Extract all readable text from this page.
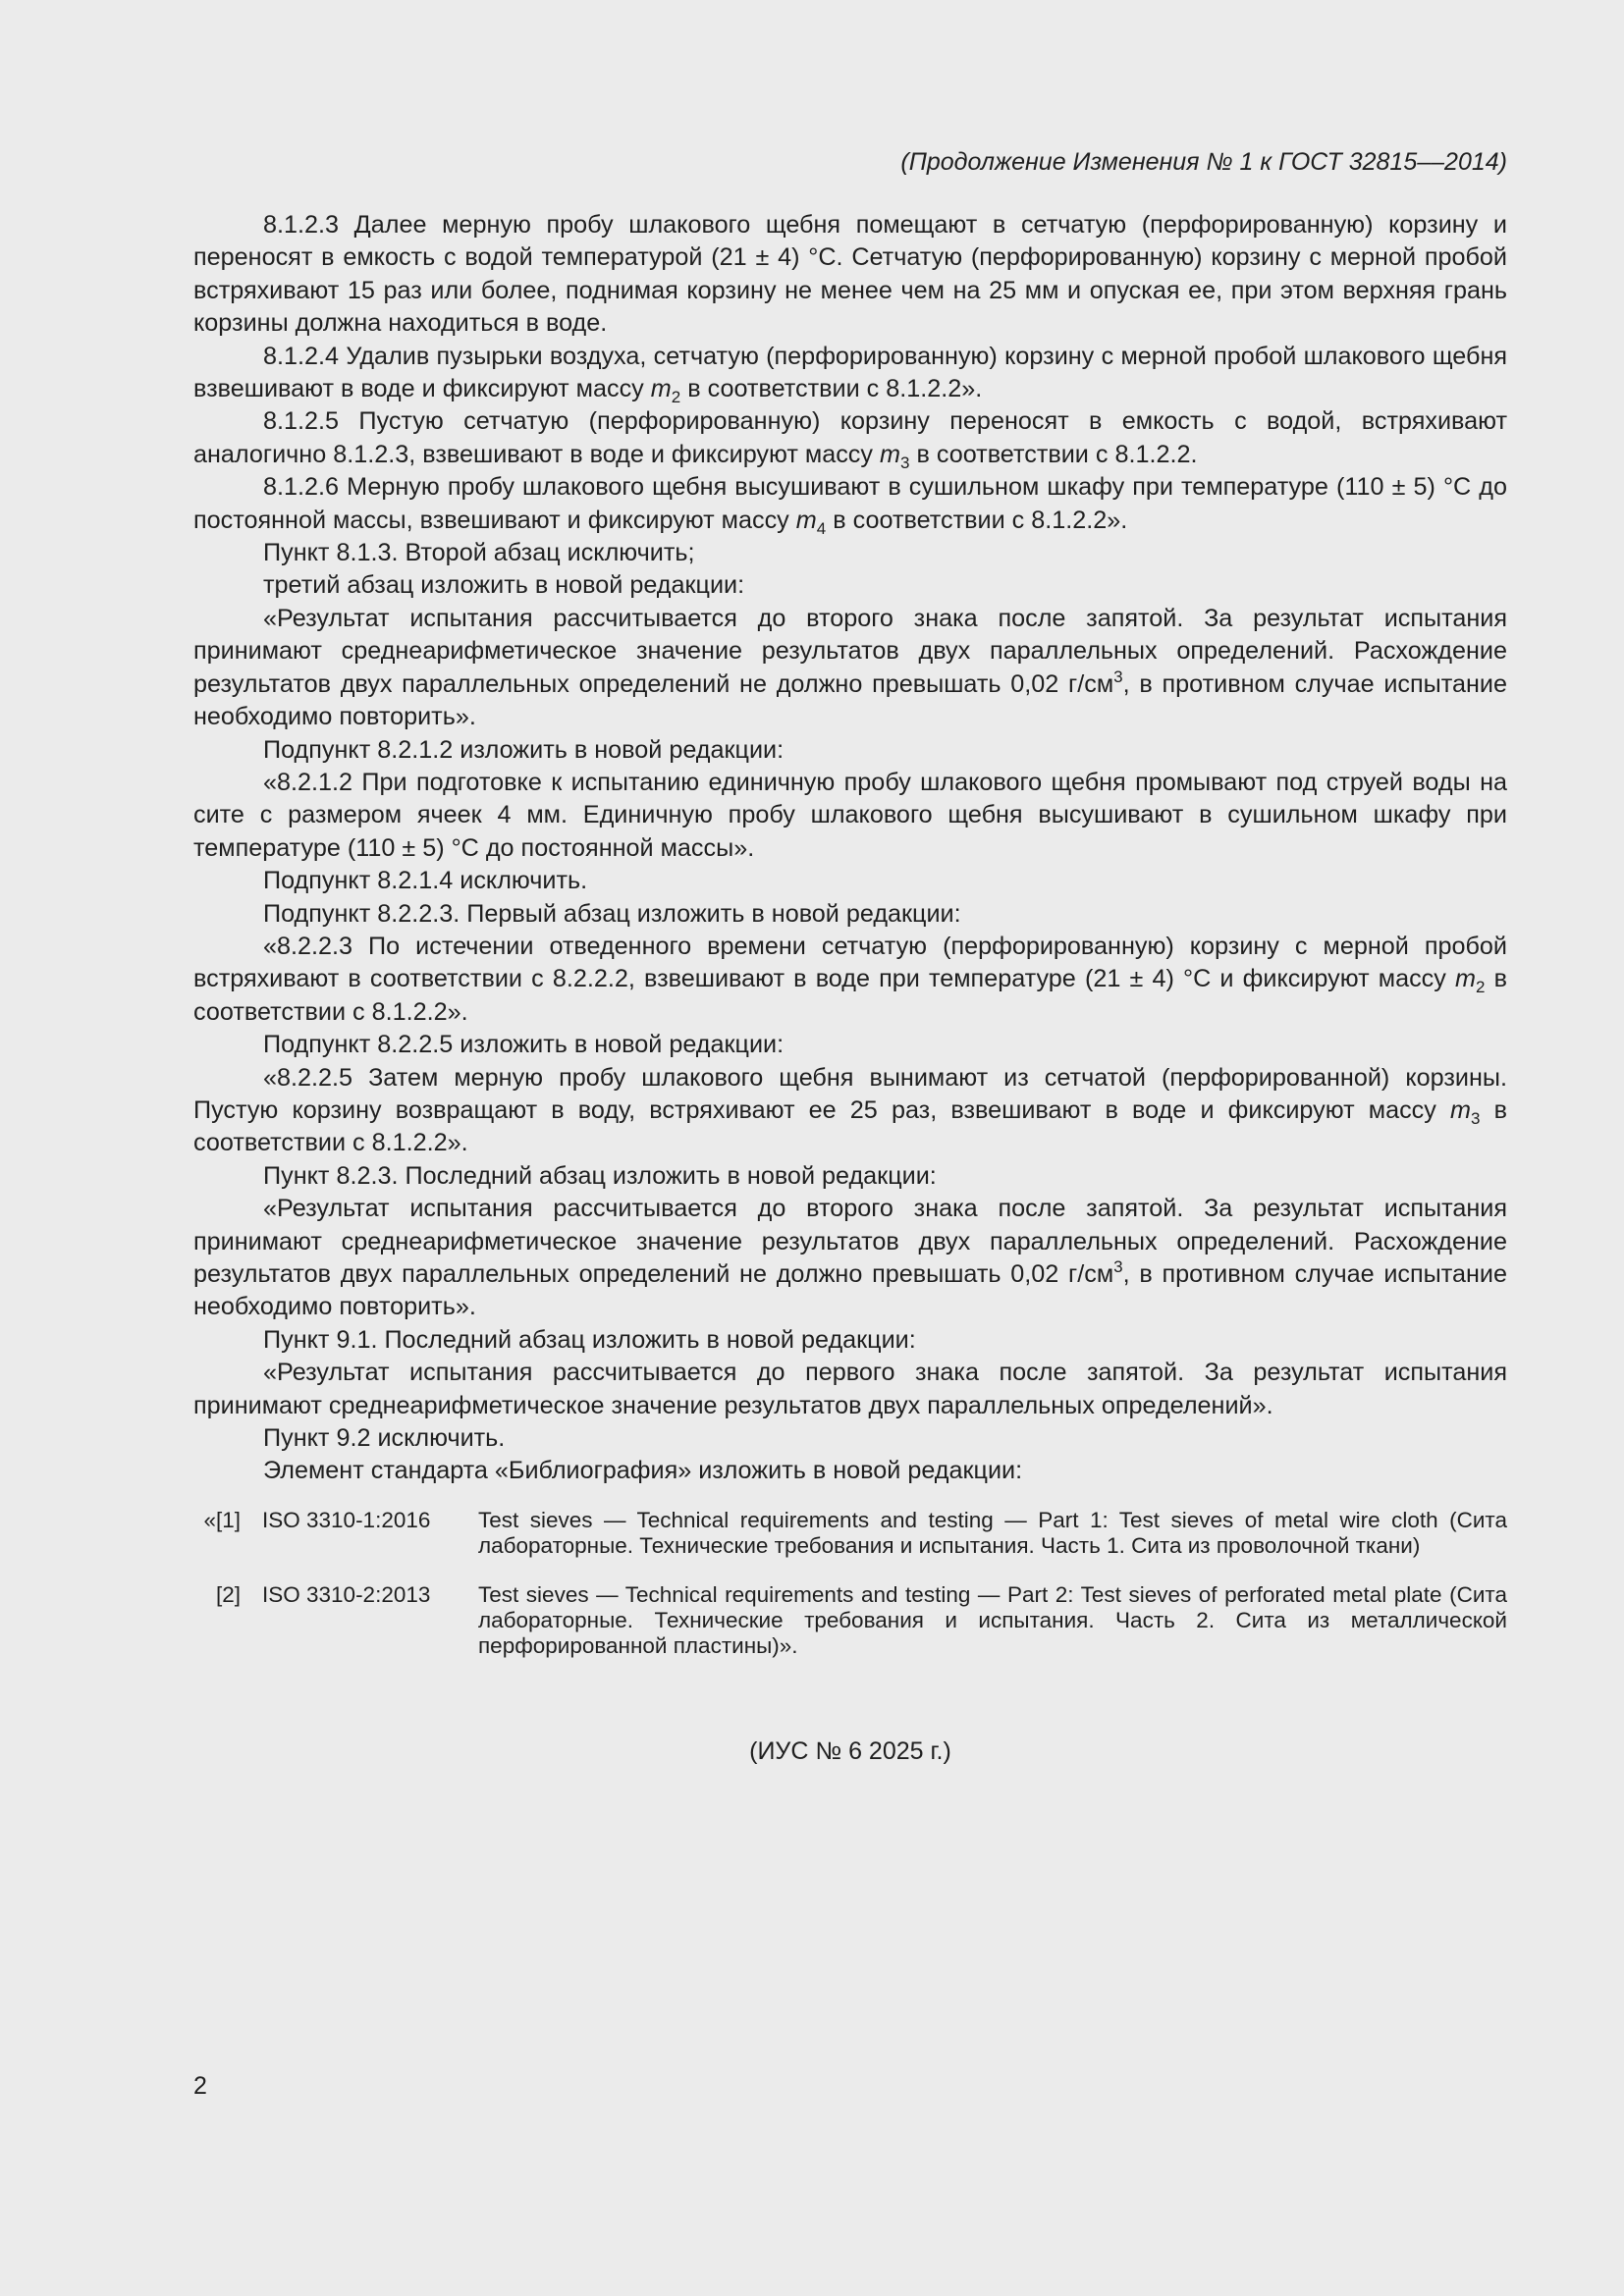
(Продолжение Изменения № 1 к ГОСТ 32815––2014)

8.1.2.3 Далее мерную пробу шлакового щебня помещают в сетчатую (перфорированную) корзину и переносят в емкость с водой температурой (21 ± 4) °С. Сетчатую (перфорированную) корзину с мерной пробой встряхивают 15 раз или более, поднимая корзину не менее чем на 25 мм и опуская ее, при этом верхняя грань корзины должна находиться в воде.

8.1.2.4 Удалив пузырьки воздуха, сетчатую (перфорированную) корзину с мерной пробой шлакового щебня взвешивают в воде и фиксируют массу $m_2$ в соответствии с 8.1.2.2».

8.1.2.5 Пустую сетчатую (перфорированную) корзину переносят в емкость с водой, встряхивают аналогично 8.1.2.3, взвешивают в воде и фиксируют массу $m_3$ в соответствии с 8.1.2.2.

8.1.2.6 Мерную пробу шлакового щебня высушивают в сушильном шкафу при температуре (110 ± 5) °С до постоянной массы, взвешивают и фиксируют массу $m_4$ в соответствии с 8.1.2.2».

Пункт 8.1.3. Второй абзац исключить;

третий абзац изложить в новой редакции:

«Результат испытания рассчитывается до второго знака после запятой. За результат испытания принимают среднеарифметическое значение результатов двух параллельных определений. Расхождение результатов двух параллельных определений не должно превышать 0,02 $г/см^3$, в противном случае испытание необходимо повторить».

Подпункт 8.2.1.2 изложить в новой редакции:

«8.2.1.2 При подготовке к испытанию единичную пробу шлакового щебня промывают под струей воды на сите с размером ячеек 4 мм. Единичную пробу шлакового щебня высушивают в сушильном шкафу при температуре (110 ± 5) °С до постоянной массы».

Подпункт 8.2.1.4 исключить.

Подпункт 8.2.2.3. Первый абзац изложить в новой редакции:

«8.2.2.3 По истечении отведенного времени сетчатую (перфорированную) корзину с мерной пробой встряхивают в соответствии с 8.2.2.2, взвешивают в воде при температуре (21 ± 4) °С и фиксируют массу $m_2$ в соответствии с 8.1.2.2».

Подпункт 8.2.2.5 изложить в новой редакции:

«8.2.2.5 Затем мерную пробу шлакового щебня вынимают из сетчатой (перфорированной) корзины. Пустую корзину возвращают в воду, встряхивают ее 25 раз, взвешивают в воде и фиксируют массу $m_3$ в соответствии с 8.1.2.2».

Пункт 8.2.3. Последний абзац изложить в новой редакции:

«Результат испытания рассчитывается до второго знака после запятой. За результат испытания принимают среднеарифметическое значение результатов двух параллельных определений. Расхождение результатов двух параллельных определений не должно превышать 0,02 $г/см^3$, в противном случае испытание необходимо повторить».

Пункт 9.1. Последний абзац изложить в новой редакции:

«Результат испытания рассчитывается до первого знака после запятой. За результат испытания принимают среднеарифметическое значение результатов двух параллельных определений».

Пункт 9.2 исключить.

Элемент стандарта «Библиография» изложить в новой редакции:

«[1] ISO 3310-1:2016	Test sieves — Technical requirements and testing — Part 1: Test sieves of metal wire cloth (Сита лабораторные. Технические требования и испытания. Часть 1. Сита из проволочной ткани)
[2] ISO 3310-2:2013	Test sieves — Technical requirements and testing — Part 2: Test sieves of perforated metal plate (Сита лабораторные. Технические требования и испытания. Часть 2. Сита из металлической перфорированной пластины)».
(ИУС № 6 2025 г.)
2
